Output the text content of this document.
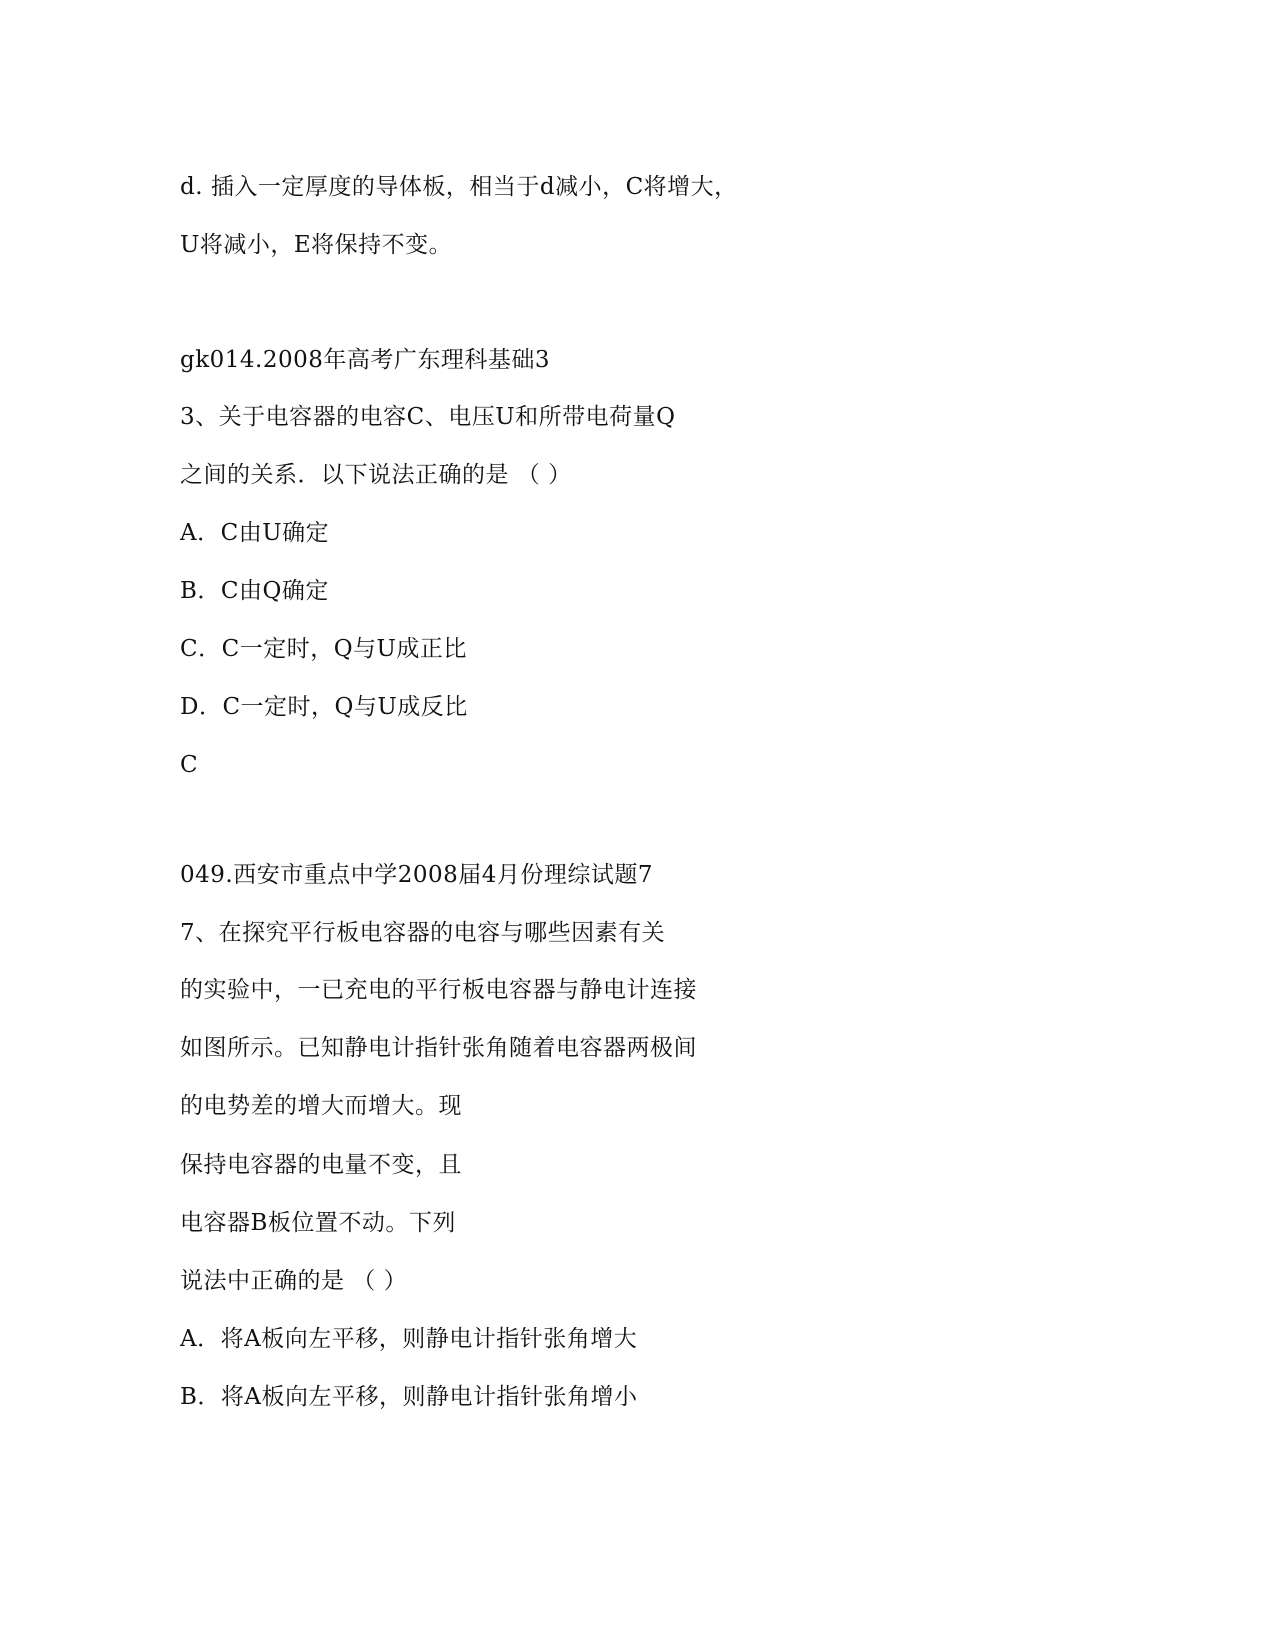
d. 插入一定厚度的导体板，相当于d减小，C将增大，
U将减小，E将保持不变。
gk014.2008年高考广东理科基础3
3、关于电容器的电容C、电压U和所带电荷量Q
之间的关系．以下说法正确的是 （ ）
A．C由U确定
B．C由Q确定
C．C一定时，Q与U成正比
D．C一定时，Q与U成反比
C
049.西安市重点中学2008届4月份理综试题7
7、在探究平行板电容器的电容与哪些因素有关
的实验中，一已充电的平行板电容器与静电计连接
如图所示。已知静电计指针张角随着电容器两极间
的电势差的增大而增大。现
保持电容器的电量不变，且
电容器B板位置不动。下列
说法中正确的是 （ ）
A．将A板向左平移，则静电计指针张角增大
B．将A板向左平移，则静电计指针张角增小
